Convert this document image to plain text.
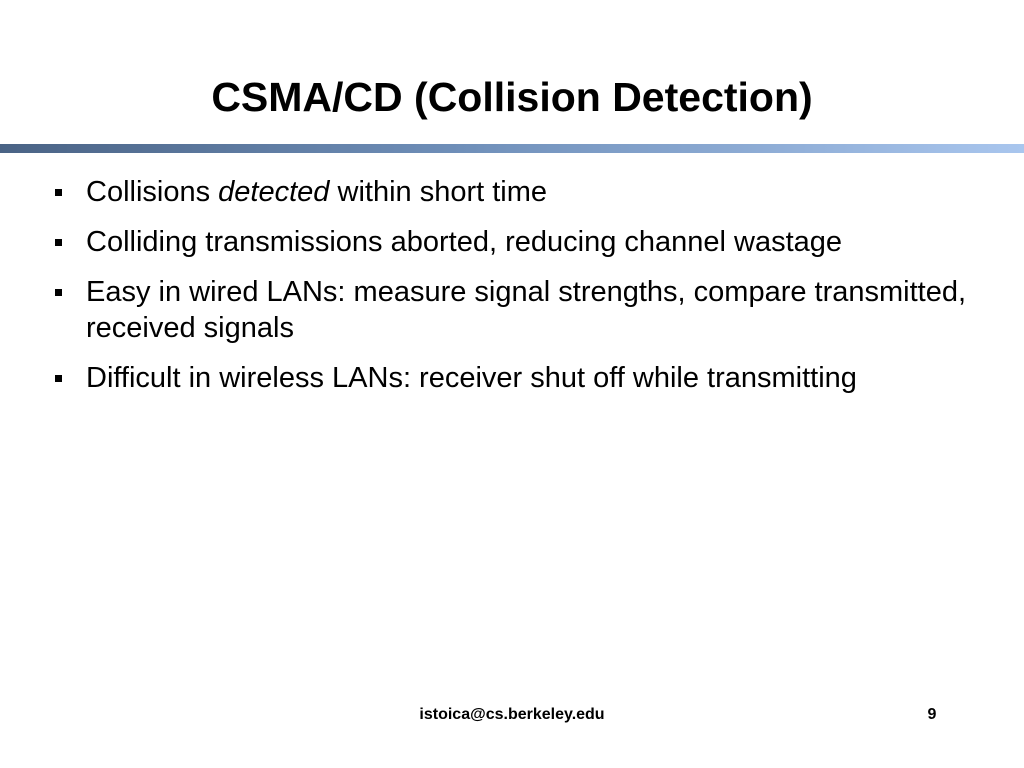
CSMA/CD (Collision Detection)
Collisions detected within short time
Colliding transmissions aborted, reducing channel wastage
Easy in wired LANs: measure signal strengths, compare transmitted, received signals
Difficult in wireless LANs: receiver shut off while transmitting
istoica@cs.berkeley.edu	9
